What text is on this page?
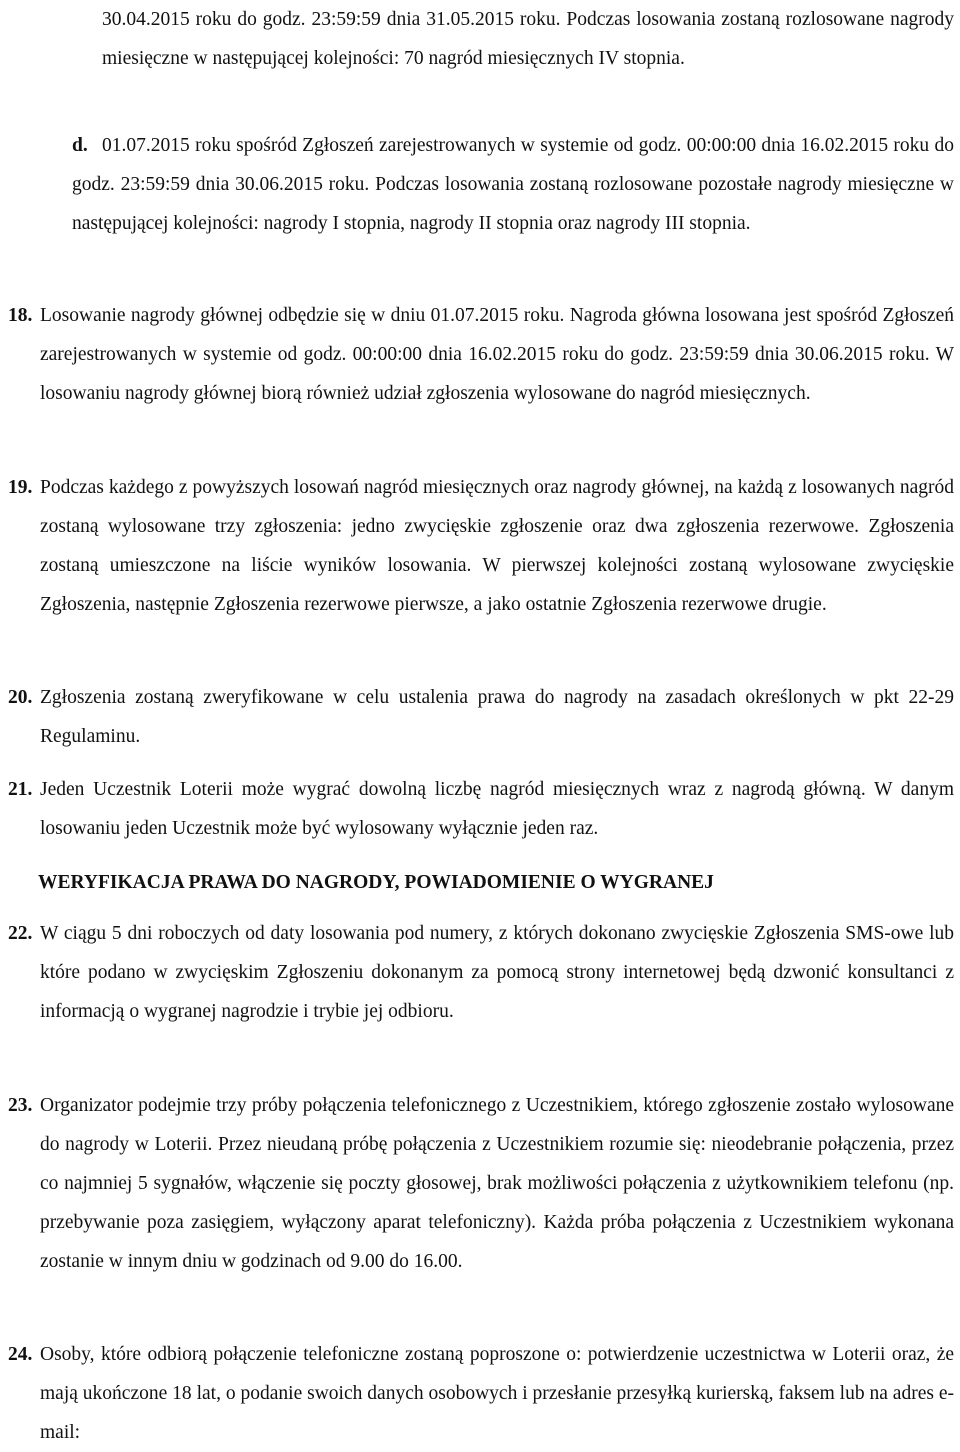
30.04.2015 roku do godz. 23:59:59 dnia 31.05.2015 roku. Podczas losowania zostaną rozlosowane nagrody miesięczne w następującej kolejności: 70 nagród miesięcznych IV stopnia.

d. 01.07.2015 roku spośród Zgłoszeń zarejestrowanych w systemie od godz. 00:00:00 dnia 16.02.2015 roku do godz. 23:59:59 dnia 30.06.2015 roku. Podczas losowania zostaną rozlosowane pozostałe nagrody miesięczne w następującej kolejności: nagrody I stopnia, nagrody II stopnia oraz nagrody III stopnia.

18. Losowanie nagrody głównej odbędzie się w dniu 01.07.2015 roku. Nagroda główna losowana jest spośród Zgłoszeń zarejestrowanych w systemie od godz. 00:00:00 dnia 16.02.2015 roku do godz. 23:59:59 dnia 30.06.2015 roku. W losowaniu nagrody głównej biorą również udział zgłoszenia wylosowane do nagród miesięcznych.

19. Podczas każdego z powyższych losowań nagród miesięcznych oraz nagrody głównej, na każdą z losowanych nagród zostaną wylosowane trzy zgłoszenia: jedno zwycięskie zgłoszenie oraz dwa zgłoszenia rezerwowe. Zgłoszenia zostaną umieszczone na liście wyników losowania. W pierwszej kolejności zostaną wylosowane zwycięskie Zgłoszenia, następnie Zgłoszenia rezerwowe pierwsze, a jako ostatnie Zgłoszenia rezerwowe drugie.

20. Zgłoszenia zostaną zweryfikowane w celu ustalenia prawa do nagrody na zasadach określonych w pkt 22-29 Regulaminu.

21. Jeden Uczestnik Loterii może wygrać dowolną liczbę nagród miesięcznych wraz z nagrodą główną. W danym losowaniu jeden Uczestnik może być wylosowany wyłącznie jeden raz.

WERYFIKACJA PRAWA DO NAGRODY, POWIADOMIENIE O WYGRANEJ

22. W ciągu 5 dni roboczych od daty losowania pod numery, z których dokonano zwycięskie Zgłoszenia SMS-owe lub które podano w zwycięskim Zgłoszeniu dokonanym za pomocą strony internetowej będą dzwonić konsultanci z informacją o wygranej nagrodzie i trybie jej odbioru.

23. Organizator podejmie trzy próby połączenia telefonicznego z Uczestnikiem, którego zgłoszenie zostało wylosowane do nagrody w Loterii. Przez nieudaną próbę połączenia z Uczestnikiem rozumie się: nieodebranie połączenia, przez co najmniej 5 sygnałów, włączenie się poczty głosowej, brak możliwości połączenia z użytkownikiem telefonu (np. przebywanie poza zasięgiem, wyłączony aparat telefoniczny). Każda próba połączenia z Uczestnikiem wykonana zostanie w innym dniu w godzinach od 9.00 do 16.00.

24. Osoby, które odbiorą połączenie telefoniczne zostaną poproszone o: potwierdzenie uczestnictwa w Loterii oraz, że mają ukończone 18 lat, o podanie swoich danych osobowych i przesłanie przesyłką kurierską, faksem lub na adres e-mail:
